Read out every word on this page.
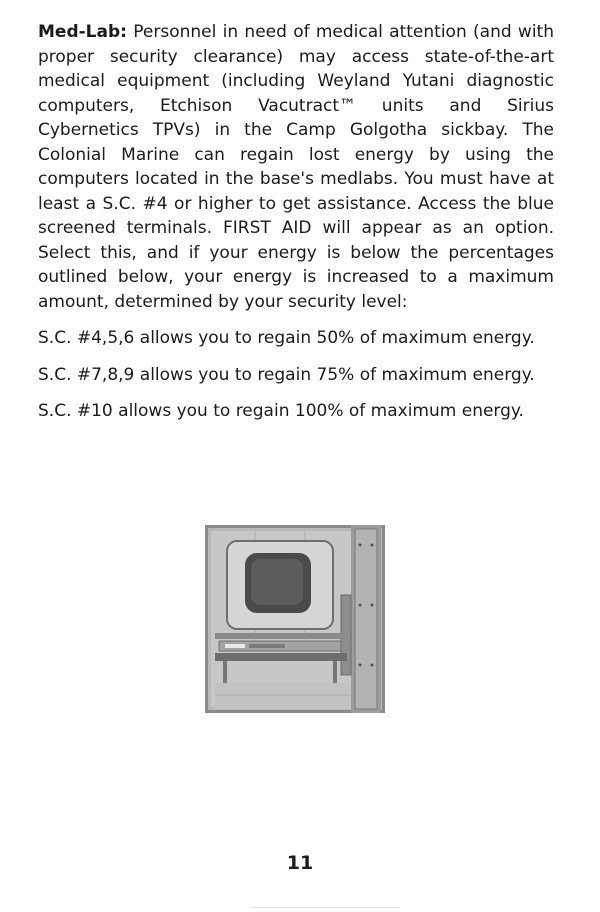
Med-Lab: Personnel in need of medical attention (and with proper security clearance) may access state-of-the-art medical equipment (including Weyland Yutani diagnostic computers, Etchison Vacutract™ units and Sirius Cybernetics TPVs) in the Camp Golgotha sickbay. The Colonial Marine can regain lost energy by using the computers located in the base's medlabs. You must have at least a S.C. #4 or higher to get assistance. Access the blue screened terminals. FIRST AID will appear as an option. Select this, and if your energy is below the percentages outlined below, your energy is increased to a maximum amount, determined by your security level:

S.C. #4,5,6 allows you to regain 50% of maximum energy.

S.C. #7,8,9 allows you to regain 75% of maximum energy.

S.C. #10 allows you to regain 100% of maximum energy.

11
